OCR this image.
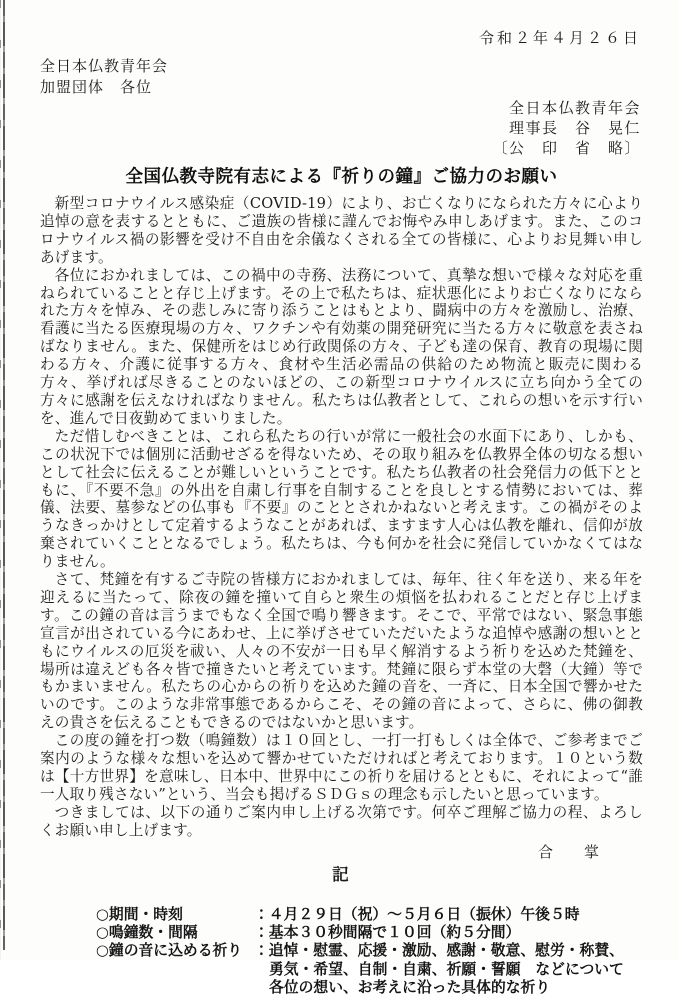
令和２年４月２６日
全日本仏教青年会
加盟団体　各位
全日本仏教青年会
理事長　谷　晃仁
〔公　印　省　略〕
全国仏教寺院有志による『祈りの鐘』ご協力のお願い

新型コロナウイルス感染症（COVID-19）により、お亡くなりになられた方々に心より追悼の意を表するとともに、ご遺族の皆様に謹んでお悔やみ申しあげます。また、このコロナウイルス禍の影響を受け不自由を余儀なくされる全ての皆様に、心よりお見舞い申しあげます。

各位におかれましては、この禍中の寺務、法務について、真摯な想いで様々な対応を重ねられていることと存じ上げます。その上で私たちは、症状悪化によりお亡くなりになられた方々を悼み、その悲しみに寄り添うことはもとより、闘病中の方々を激励し、治療、看護に当たる医療現場の方々、ワクチンや有効薬の開発研究に当たる方々に敬意を表さねばなりません。また、保健所をはじめ行政関係の方々、子ども達の保育、教育の現場に関わる方々、介護に従事する方々、食材や生活必需品の供給のため物流と販売に関わる方々、挙げれば尽きることのないほどの、この新型コロナウイルスに立ち向かう全ての方々に感謝を伝えなければなりません。私たちは仏教者として、これらの想いを示す行いを、進んで日夜勤めてまいりました。

ただ惜しむべきことは、これら私たちの行いが常に一般社会の水面下にあり、しかも、この状況下では個別に活動せざるを得ないため、その取り組みを仏教界全体の切なる想いとして社会に伝えることが難しいということです。私たち仏教者の社会発信力の低下とともに、『不要不急』の外出を自粛し行事を自制することを良しとする情勢においては、葬儀、法要、墓参などの仏事も『不要』のこととされかねないと考えます。この禍がそのようなきっかけとして定着するようなことがあれば、ますます人心は仏教を離れ、信仰が放棄されていくこととなるでしょう。私たちは、今も何かを社会に発信していかなくてはなりません。

さて、梵鐘を有するご寺院の皆様方におかれましては、毎年、往く年を送り、来る年を迎えるに当たって、除夜の鐘を撞いて自らと衆生の煩悩を払われることだと存じ上げます。この鐘の音は言うまでもなく全国で鳴り響きます。そこで、平常ではない、緊急事態宣言が出されている今にあわせ、上に挙げさせていただいたような追悼や感謝の想いとともにウイルスの厄災を祓い、人々の不安が一日も早く解消するよう祈りを込めた梵鐘を、場所は違えども各々皆で撞きたいと考えています。梵鐘に限らず本堂の大磬（大鐘）等でもかまいません。私たちの心からの祈りを込めた鐘の音を、一斉に、日本全国で響かせたいのです。このような非常事態であるからこそ、その鐘の音によって、さらに、佛の御教えの貴さを伝えることもできるのではないかと思います。

この度の鐘を打つ数（鳴鐘数）は１０回とし、一打一打もしくは全体で、ご参考までご案内のような様々な想いを込めて響かせていただければと考えております。１０という数は【十方世界】を意味し、日本中、世界中にこの祈りを届けるとともに、それによって“誰一人取り残さない”という、当会も掲げるＳＤＧｓの理念も示したいと思っています。

つきましては、以下の通りご案内申し上げる次第です。何卒ご理解ご協力の程、よろしくお願い申し上げます。

合　掌
記
○期間・時刻	：４月２９日（祝）～５月６日（振休）午後５時
○鳴鐘数・間隔	：基本３０秒間隔で１０回（約５分間）
○鐘の音に込める祈り ：追悼・慰霊、応援・激励、感謝・敬意、慰労・称賛、
勇気・希望、自制・自粛、祈願・誓願　などについて
各位の想い、お考えに沿った具体的な祈り
